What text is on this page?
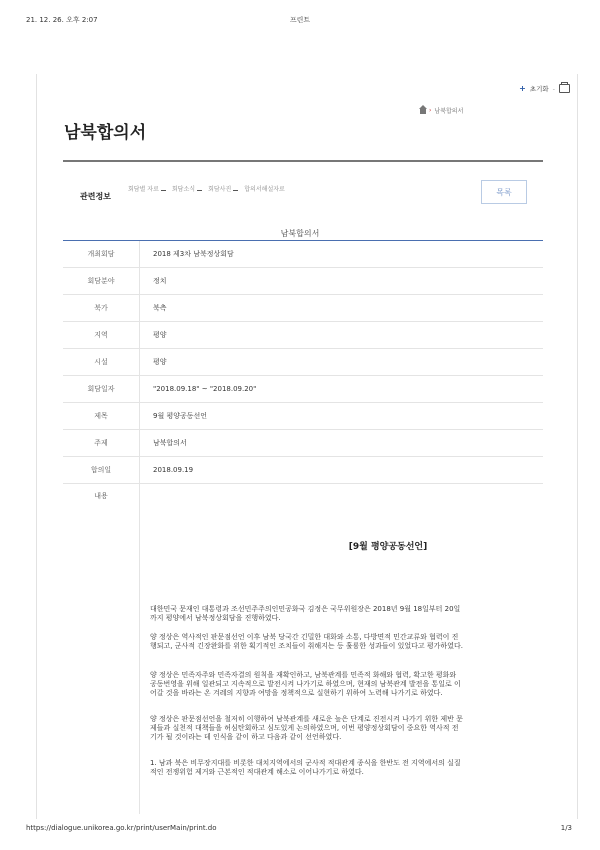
21. 12. 26. 오후 2:07	프린트
+ 초기화 -
› 남북합의서
남북합의서
관련정보
회담별 자료	회담소식	회담사진	합의서해설자료	목록
남북합의서
개최회담	2018 제3차 남북정상회담
회담분야	정치
북가	북측
지역	평양
시설	평양
회담일자	"2018.09.18" ~ "2018.09.20"
제목	9월 평양공동선언
주제	남북합의서
합의일	2018.09.19
내용
[9월 평양공동선언]
대한민국 문재인 대통령과 조선민주주의인민공화국 김정은 국무위원장은 2018년 9월 18일부터 20일까지 평양에서 남북정상회담을 진행하였다.
양 정상은 역사적인 판문점선언 이후 남북 당국간 긴밀한 대화와 소통, 다방면적 민간교류와 협력이 진행되고, 군사적 긴장완화를 위한 획기적인 조치들이 취해지는 등 훌륭한 성과들이 있었다고 평가하였다.
양 정상은 민족자주와 민족자결의 원칙을 재확인하고, 남북관계를 민족적 화해와 협력, 확고한 평화와 공동번영을 위해 일관되고 지속적으로 발전시켜 나가기로 하였으며, 현재의 남북관계 발전을 통일로 이어갈 것을 바라는 온 겨레의 지향과 여망을 정책적으로 실현하기 위하여 노력해 나가기로 하였다.
양 정상은 판문점선언을 철저히 이행하여 남북관계를 새로운 높은 단계로 진전시켜 나가기 위한 제반 문제들과 실천적 대책들을 허심탄회하고 심도있게 논의하였으며, 이번 평양정상회담이 중요한 역사적 전기가 될 것이라는 데 인식을 같이 하고 다음과 같이 선언하였다.
1. 남과 북은 비무장지대를 비롯한 대치지역에서의 군사적 적대관계 종식을 한반도 전 지역에서의 실질적인 전쟁위험 제거와 근본적인 적대관계 해소로 이어나가기로 하였다.
https://dialogue.unikorea.go.kr/print/userMain/print.do	1/3
